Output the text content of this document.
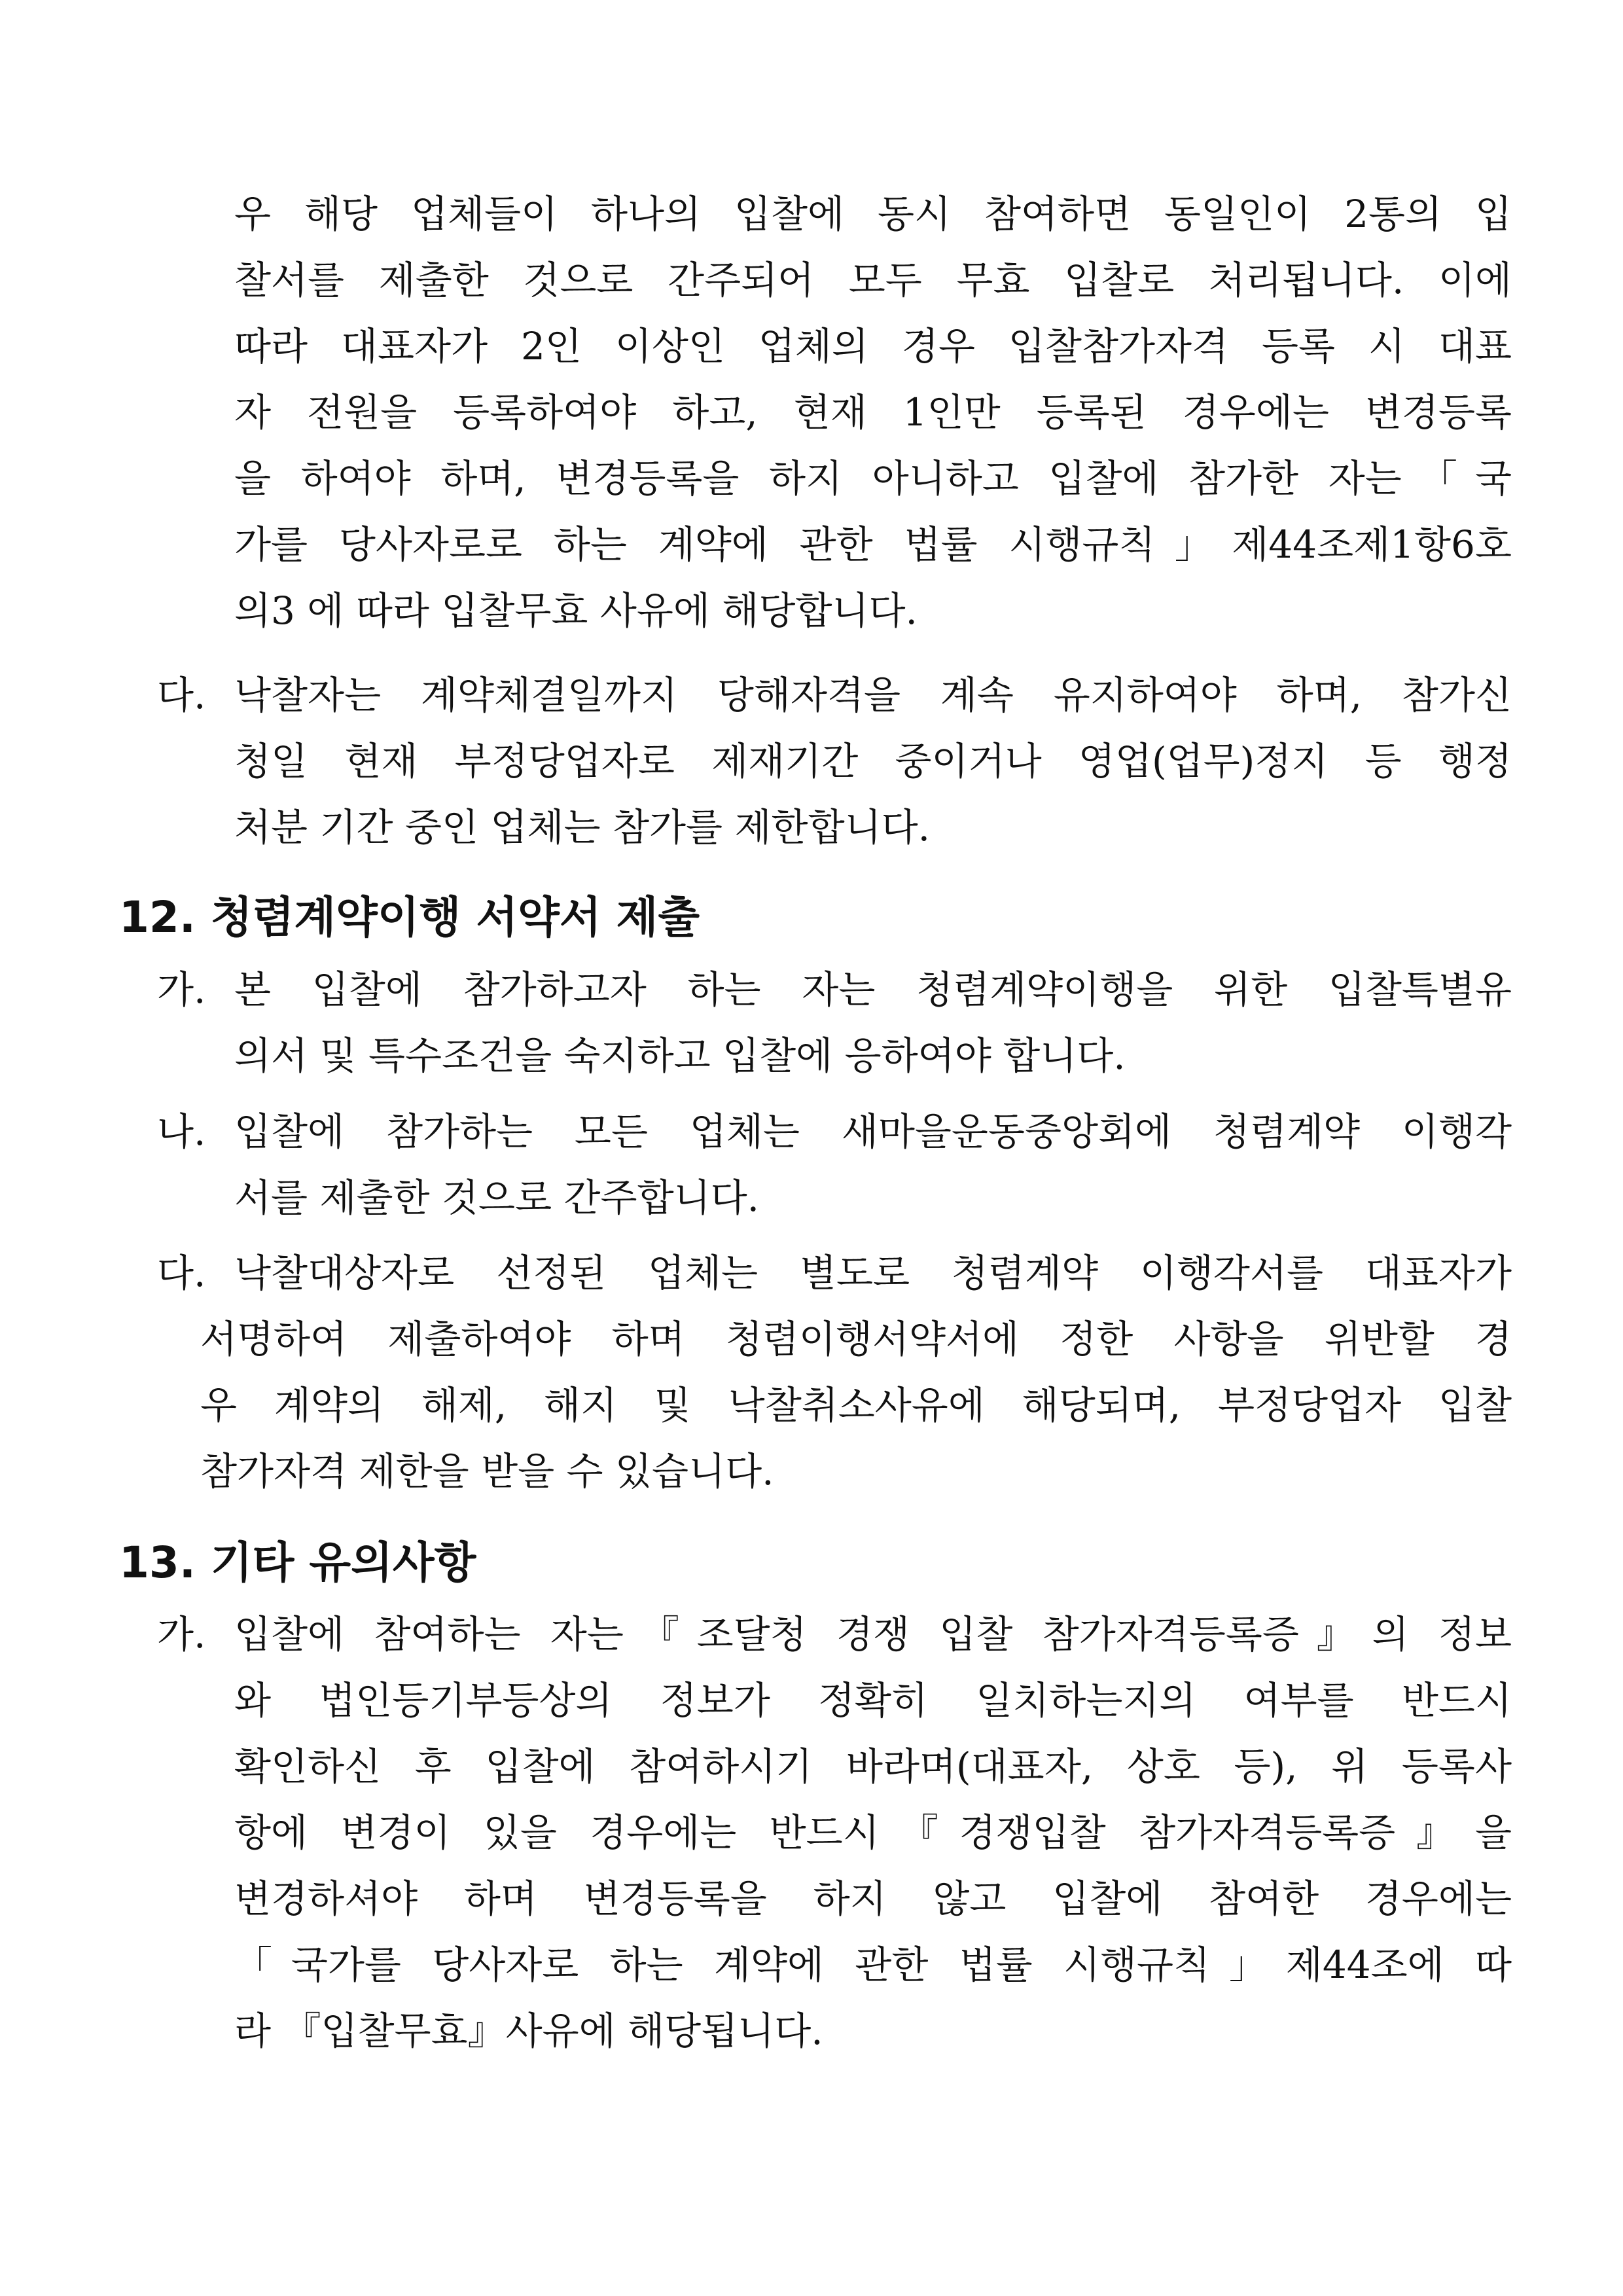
우 해당 업체들이 하나의 입찰에 동시 참여하면 동일인이 2통의 입
찰서를 제출한 것으로 간주되어 모두 무효 입찰로 처리됩니다. 이에
따라 대표자가 2인 이상인 업체의 경우 입찰참가자격 등록 시 대표
자 전원을 등록하여야 하고, 현재 1인만 등록된 경우에는 변경등록
을 하여야 하며, 변경등록을 하지 아니하고 입찰에 참가한 자는「국
가를 당사자로로 하는 계약에 관한 법률 시행규칙」제44조제1항6호
의3 에 따라 입찰무효 사유에 해당합니다.
다. 낙찰자는 계약체결일까지 당해자격을 계속 유지하여야 하며, 참가신
청일 현재 부정당업자로 제재기간 중이거나 영업(업무)정지 등 행정
처분 기간 중인 업체는 참가를 제한합니다.
12. 청렴계약이행 서약서 제출
가. 본 입찰에 참가하고자 하는 자는 청렴계약이행을 위한 입찰특별유
의서 및 특수조건을 숙지하고 입찰에 응하여야 합니다.
나. 입찰에 참가하는 모든 업체는 새마을운동중앙회에 청렴계약 이행각
서를 제출한 것으로 간주합니다.
다. 낙찰대상자로 선정된 업체는 별도로 청렴계약 이행각서를 대표자가
서명하여 제출하여야 하며 청렴이행서약서에 정한 사항을 위반할 경
우 계약의 해제, 해지 및 낙찰취소사유에 해당되며, 부정당업자 입찰
참가자격 제한을 받을 수 있습니다.
13. 기타 유의사항
가. 입찰에 참여하는 자는『조달청 경쟁 입찰 참가자격등록증』의 정보
와 법인등기부등상의 정보가 정확히 일치하는지의 여부를 반드시
확인하신 후 입찰에 참여하시기 바라며(대표자, 상호 등), 위 등록사
항에 변경이 있을 경우에는 반드시『경쟁입찰 참가자격등록증』을
변경하셔야 하며 변경등록을 하지 않고 입찰에 참여한 경우에는
「국가를 당사자로 하는 계약에 관한 법률 시행규칙」제44조에 따
라 『입찰무효』사유에 해당됩니다.
